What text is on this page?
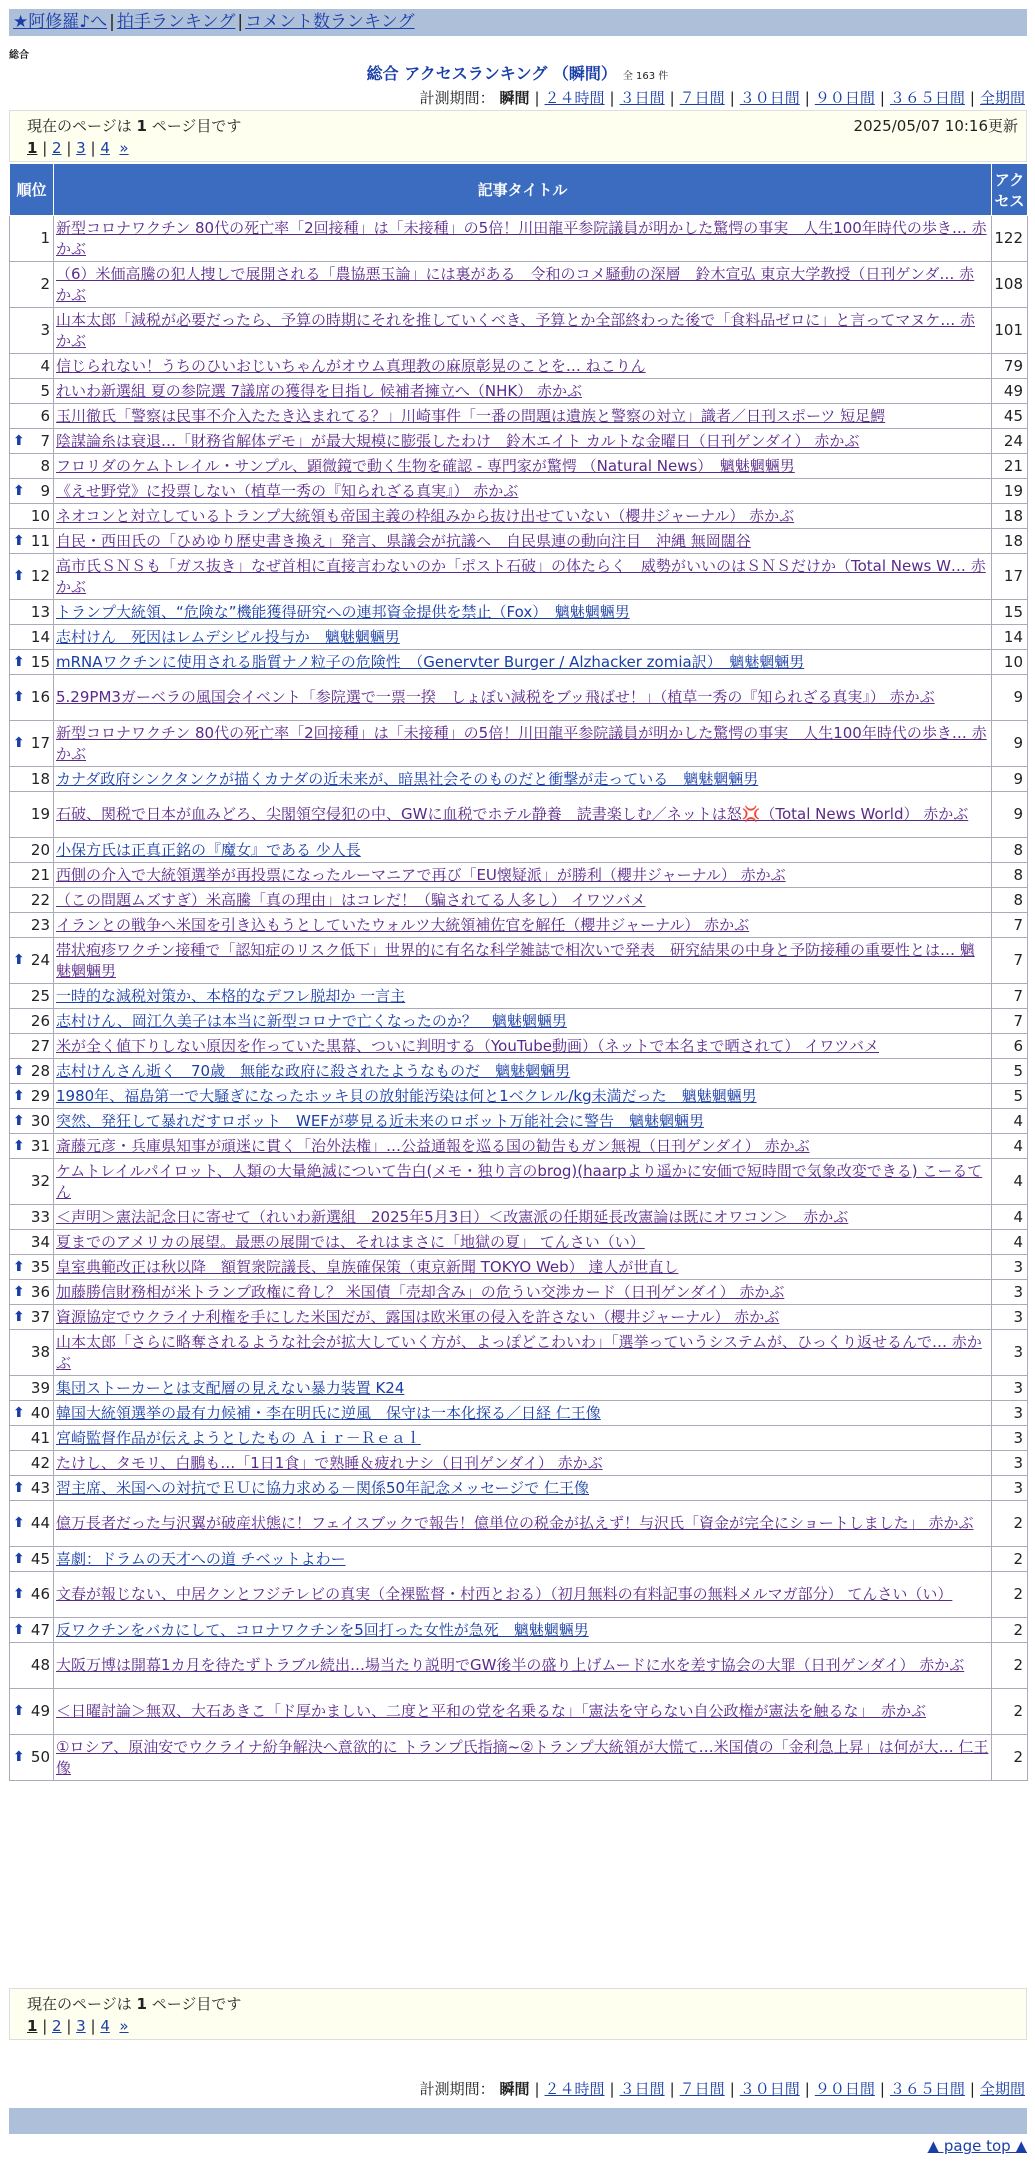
★阿修羅♪へ | 拍手ランキング | コメント数ランキング
総合
総合 アクセスランキング （瞬間） 全 163 件
計測期間： 瞬間 | ２４時間 | ３日間 | ７日間 | ３０日間 | ９０日間 | ３６５日間 | 全期間
現在のページは 1 ページ目です	2025/05/07 10:16更新
1 | 2 | 3 | 4 »
順位	記事タイトル	アクセス
1	新型コロナワクチン 80代の死亡率「2回接種」は「未接種」の5倍！川田龍平参院議員が明かした驚愕の事実　人生100年時代の歩き… 赤かぶ	122
2	（6）米価高騰の犯人捜しで展開される「農協悪玉論」には裏がある　令和のコメ騒動の深層　鈴木宣弘 東京大学教授（日刊ゲンダ… 赤かぶ	108
3	山本太郎「減税が必要だったら、予算の時期にそれを推していくべき、予算とか全部終わった後で「食料品ゼロに」と言ってマヌケ… 赤かぶ	101
4	信じられない！うちのひいおじいちゃんがオウム真理教の麻原彰晃のことを… ねこりん	79
5	れいわ新選組 夏の参院選 7議席の獲得を目指し 候補者擁立へ（NHK） 赤かぶ	49
6	玉川徹氏「警察は民事不介入たたき込まれてる？」川崎事件「一番の問題は遺族と警察の対立」識者／日刊スポーツ 短足鰐	45

⬆ 7	陰謀論糸は衰退…「財務省解体デモ」が最大規模に膨張したわけ　鈴木エイト カルトな金曜日（日刊ゲンダイ） 赤かぶ	24
8	フロリダのケムトレイル・サンプル、顕微鏡で動く生物を確認 - 専門家が驚愕 （Natural News）　魑魅魍魎男	21

⬆ 9	《えせ野党》に投票しない（植草一秀の『知られざる真実』） 赤かぶ	19
10	ネオコンと対立しているトランプ大統領も帝国主義の枠組みから抜け出せていない（櫻井ジャーナル） 赤かぶ	18

⬆ 11	自民・西田氏の「ひめゆり歴史書き換え」発言、県議会が抗議へ　自民県連の動向注目　沖縄 無岡闊谷	18

⬆ 12	高市氏ＳＮＳも「ガス抜き」なぜ首相に直接言わないのか「ポスト石破」の体たらく　威勢がいいのはＳＮＳだけか（Total News W… 赤かぶ	17
13	トランプ大統領、“危険な”機能獲得研究への連邦資金提供を禁止（Fox）　魑魅魍魎男	15
14	志村けん　死因はレムデシビル投与か　魑魅魍魎男	14

⬆ 15	mRNAワクチンに使用される脂質ナノ粒子の危険性　（Genervter Burger / Alzhacker zomia訳）　魑魅魍魎男	10

⬆ 16	5.29PM3ガーベラの風国会イベント「参院選で一票一揆　しょぼい減税をブッ飛ばせ！」（植草一秀の『知られざる真実』） 赤かぶ	9

⬆ 17	新型コロナワクチン 80代の死亡率「2回接種」は「未接種」の5倍！川田龍平参院議員が明かした驚愕の事実　人生100年時代の歩き… 赤かぶ	9
18	カナダ政府シンクタンクが描くカナダの近未来が、暗黒社会そのものだと衝撃が走っている　魑魅魍魎男	9
19	石破、関税で日本が血みどろ、尖閣領空侵犯の中、GWに血税でホテル静養　読書楽しむ／ネットは怒💢（Total News World） 赤かぶ	9
20	小保方氏は正真正銘の『魔女』である 少人長	8
21	西側の介入で大統領選挙が再投票になったルーマニアで再び「EU懐疑派」が勝利（櫻井ジャーナル） 赤かぶ	8
22	（この問題ムズすぎ）米高騰「真の理由」はコレだ！（騙されてる人多し） イワツバメ	8
23	イランとの戦争へ米国を引き込もうとしていたウォルツ大統領補佐官を解任（櫻井ジャーナル） 赤かぶ	7

⬆ 24	帯状疱疹ワクチン接種で「認知症のリスク低下」世界的に有名な科学雑誌で相次いで発表　研究結果の中身と予防接種の重要性とは… 魑魅魍魎男	7
25	一時的な減税対策か、本格的なデフレ脱却か 一言主	7
26	志村けん、岡江久美子は本当に新型コロナで亡くなったのか？　魑魅魍魎男	7
27	米が全く値下りしない原因を作っていた黒幕、ついに判明する（YouTube動画）（ネットで本名まで晒されて） イワツバメ	6

⬆ 28	志村けんさん逝く　70歳　無能な政府に殺されたようなものだ　魑魅魍魎男	5

⬆ 29	1980年、福島第一で大騒ぎになったホッキ貝の放射能汚染は何と1ベクレル/kg未満だった　魑魅魍魎男	5

⬆ 30	突然、発狂して暴れだすロボット　WEFが夢見る近未来のロボット万能社会に警告　魑魅魍魎男	4

⬆ 31	斎藤元彦・兵庫県知事が頑迷に貫く「治外法権」…公益通報を巡る国の勧告もガン無視（日刊ゲンダイ） 赤かぶ	4
32	ケムトレイルパイロット、人類の大量絶滅について告白(メモ・独り言のbrog)(haarpより遥かに安価で短時間で気象改変できる) こーるてん	4
33	＜声明＞憲法記念日に寄せて（れいわ新選組　2025年5月3日）＜改憲派の任期延長改憲論は既にオワコン＞　赤かぶ	4
34	夏までのアメリカの展望。最悪の展開では、それはまさに「地獄の夏」 てんさい（い）	4

⬆ 35	皇室典範改正は秋以降　額賀衆院議長、皇族確保策（東京新聞 TOKYO Web） 達人が世直し	3

⬆ 36	加藤勝信財務相が米トランプ政権に脅し？ 米国債「売却含み」の危うい交渉カード（日刊ゲンダイ） 赤かぶ	3

⬆ 37	資源協定でウクライナ利権を手にした米国だが、露国は欧米軍の侵入を許さない（櫻井ジャーナル） 赤かぶ	3
38	山本太郎「さらに略奪されるような社会が拡大していく方が、よっぽどこわいわ」「選挙っていうシステムが、ひっくり返せるんで… 赤かぶ	3
39	集団ストーカーとは支配層の見えない暴力装置 K24	3

⬆ 40	韓国大統領選挙の最有力候補・李在明氏に逆風　保守は一本化探る／日経 仁王像	3
41	宮崎監督作品が伝えようとしたもの Ａｉｒ－Ｒｅａｌ	3
42	たけし、タモリ、白鵬も…「1日1食」で熟睡＆疲れナシ（日刊ゲンダイ） 赤かぶ	3

⬆ 43	習主席、米国への対抗でＥＵに協力求める－関係50年記念メッセージで 仁王像	3

⬆ 44	億万長者だった与沢翼が破産状態に！フェイスブックで報告！億単位の税金が払えず！与沢氏「資金が完全にショートしました」 赤かぶ	2

⬆ 45	喜劇：ドラムの天才への道 チベットよわー	2

⬆ 46	文春が報じない、中居クンとフジテレビの真実（全裸監督・村西とおる）（初月無料の有料記事の無料メルマガ部分） てんさい（い）	2

⬆ 47	反ワクチンをバカにして、コロナワクチンを5回打った女性が急死　魑魅魍魎男	2
48	大阪万博は開幕1カ月を待たずトラブル続出…場当たり説明でGW後半の盛り上げムードに水を差す協会の大罪（日刊ゲンダイ） 赤かぶ	2

⬆ 49	＜日曜討論＞無双、大石あきこ「ド厚かましい、二度と平和の党を名乗るな」「憲法を守らない自公政権が憲法を触るな」　赤かぶ	2

⬆ 50	①ロシア、原油安でウクライナ紛争解決へ意欲的に トランプ氏指摘~②トランプ大統領が大慌て…米国債の「金利急上昇」は何が大… 仁王像	2
現在のページは 1 ページ目です
1 | 2 | 3 | 4 »
計測期間： 瞬間 | ２４時間 | ３日間 | ７日間 | ３０日間 | ９０日間 | ３６５日間 | 全期間
▲ page top ▲
